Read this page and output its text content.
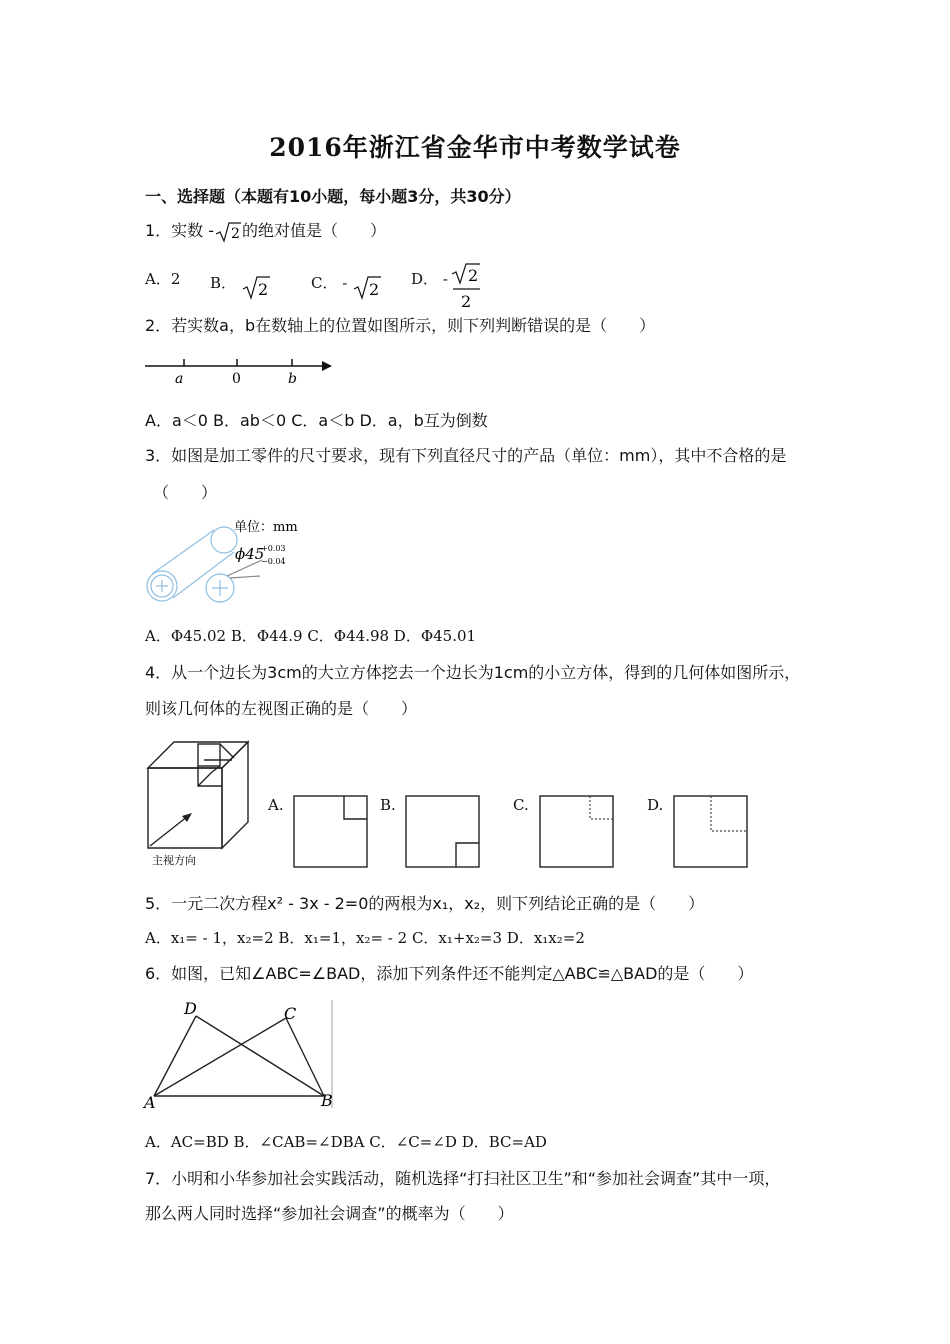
2016年浙江省金华市中考数学试卷
一、选择题（本题有10小题，每小题3分，共30分）
1．实数 - 2 的绝对值是（　　）
A．2 B． 2	C． - 2
D． - 2
2
2．若实数a，b在数轴上的位置如图所示，则下列判断错误的是（　　）
a	0	b
A．a＜0 B．ab＜0 C．a＜b D．a，b互为倒数
3．如图是加工零件的尺寸要求，现有下列直径尺寸的产品（单位：mm），其中不合格的是
（　　）
单位：mm
ϕ45
+0.03
−0.04
A．Φ45.02 B．Φ44.9 C．Φ44.98 D．Φ45.01
4．从一个边长为3cm的大立方体挖去一个边长为1cm的小立方体，得到的几何体如图所示，
则该几何体的左视图正确的是（　　）
主视方向
A.	B.	C.	D.
5．一元二次方程x² - 3x - 2=0的两根为x₁，x₂，则下列结论正确的是（　　）
A．x₁= - 1，x₂=2 B．x₁=1，x₂= - 2 C．x₁+x₂=3 D．x₁x₂=2
6．如图，已知∠ABC=∠BAD，添加下列条件还不能判定△ABC≌△BAD的是（　　）
D	C
A	B
A．AC=BD B．∠CAB=∠DBA C．∠C=∠D D．BC=AD
7．小明和小华参加社会实践活动，随机选择“打扫社区卫生”和“参加社会调查”其中一项，
那么两人同时选择“参加社会调查”的概率为（　　）
